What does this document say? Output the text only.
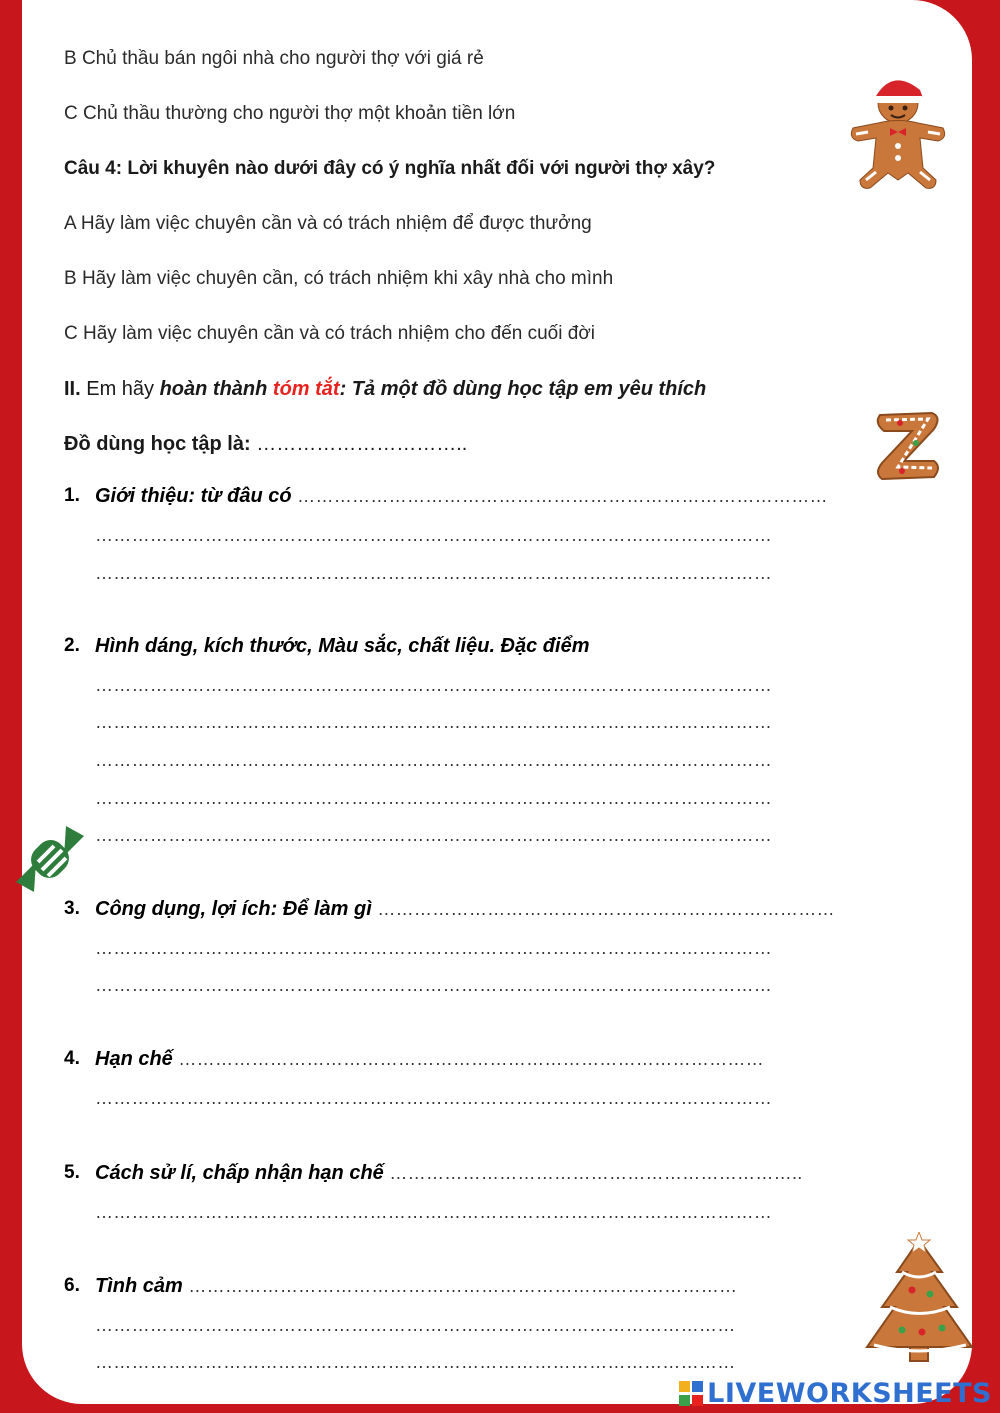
B Chủ thầu bán ngôi nhà cho người thợ với giá rẻ
C Chủ thầu thường cho người thợ một khoản tiền lớn
Câu 4: Lời khuyên nào dưới đây có ý nghĩa nhất đối với người thợ xây?
A Hãy làm việc chuyên cần và có trách nhiệm để được thưởng
B Hãy làm việc chuyên cần, có trách nhiệm khi xây nhà cho mình
C Hãy làm việc chuyên cần và có trách nhiệm cho đến cuối đời
II. Em hãy hoàn thành tóm tắt: Tả một đồ dùng học tập em yêu thích
Đồ dùng học tập là: …………………………..
1. Giới thiệu: từ đâu có ……………………………………………………………………………
…………………………………………………………………………………………………
…………………………………………………………………………………………………
2. Hình dáng, kích thước, Màu sắc, chất liệu. Đặc điểm
…………………………………………………………………………………………………
…………………………………………………………………………………………………
…………………………………………………………………………………………………
…………………………………………………………………………………………………
…………………………………………………………………………………………………
3. Công dụng, lợi ích: Để làm gì …………………………………………………………………
…………………………………………………………………………………………………
…………………………………………………………………………………………………
4. Hạn chế ……………………………………………………………………………………
…………………………………………………………………………………………………
5. Cách sử lí, chấp nhận hạn chế …………………………………………………………..
…………………………………………………………………………………………………
6. Tình cảm ………………………………………………………………………………
……………………………………………………………………………………………
……………………………………………………………………………………………
LIVEWORKSHEETS
